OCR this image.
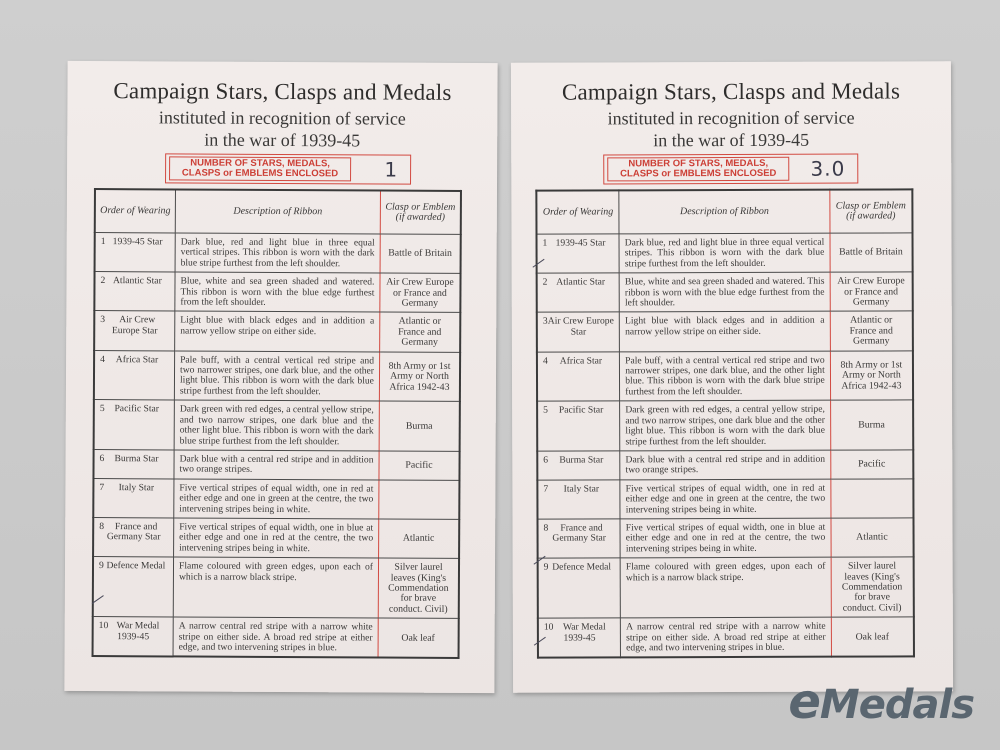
Campaign Stars, Clasps and Medals
instituted in recognition of service
in the war of 1939-45
NUMBER OF STARS, MEDALS,
CLASPS or EMBLEMS ENCLOSED	1
Order of Wearing	Description of Ribbon	Clasp or Emblem (if awarded)

1 1939-45 Star	Dark blue, red and light blue in three equal vertical stripes. This ribbon is worn with the dark blue stripe furthest from the left shoulder.	Battle of Britain

2 Atlantic Star	Blue, white and sea green shaded and watered. This ribbon is worn with the blue edge furthest from the left shoulder.	Air Crew Europe or France and Germany

3 Air Crew Europe Star	Light blue with black edges and in addition a narrow yellow stripe on either side.	Atlantic or France and Germany

4 Africa Star	Pale buff, with a central vertical red stripe and two narrower stripes, one dark blue, and the other light blue. This ribbon is worn with the dark blue stripe furthest from the left shoulder.	8th Army or 1st Army or North Africa 1942-43

5 Pacific Star	Dark green with red edges, a central yellow stripe, and two narrow stripes, one dark blue and the other light blue. This ribbon is worn with the dark blue stripe furthest from the left shoulder.	Burma

6 Burma Star	Dark blue with a central red stripe and in addition two orange stripes.	Pacific

7 Italy Star	Five vertical stripes of equal width, one in red at either edge and one in green at the centre, the two intervening stripes being in white.	

8 France and Germany Star	Five vertical stripes of equal width, one in blue at either edge and one in red at the centre, the two intervening stripes being in white.	Atlantic

9 Defence Medal	Flame coloured with green edges, upon each of which is a narrow black stripe.	Silver laurel leaves (King's Commendation for brave conduct. Civil)

10 War Medal 1939-45	A narrow central red stripe with a narrow white stripe on either side. A broad red stripe at either edge, and two intervening stripes in blue.	Oak leaf
Campaign Stars, Clasps and Medals
instituted in recognition of service
in the war of 1939-45
NUMBER OF STARS, MEDALS,
CLASPS or EMBLEMS ENCLOSED	3.0
Order of Wearing	Description of Ribbon	Clasp or Emblem (if awarded)

1 1939-45 Star	Dark blue, red and light blue in three equal vertical stripes. This ribbon is worn with the dark blue stripe furthest from the left shoulder.	Battle of Britain

2 Atlantic Star	Blue, white and sea green shaded and watered. This ribbon is worn with the blue edge furthest from the left shoulder.	Air Crew Europe or France and Germany

3 Air Crew Europe Star	Light blue with black edges and in addition a narrow yellow stripe on either side.	Atlantic or France and Germany

4 Africa Star	Pale buff, with a central vertical red stripe and two narrower stripes, one dark blue, and the other light blue. This ribbon is worn with the dark blue stripe furthest from the left shoulder.	8th Army or 1st Army or North Africa 1942-43

5 Pacific Star	Dark green with red edges, a central yellow stripe, and two narrow stripes, one dark blue and the other light blue. This ribbon is worn with the dark blue stripe furthest from the left shoulder.	Burma

6 Burma Star	Dark blue with a central red stripe and in addition two orange stripes.	Pacific

7 Italy Star	Five vertical stripes of equal width, one in red at either edge and one in green at the centre, the two intervening stripes being in white.	

8 France and Germany Star	Five vertical stripes of equal width, one in blue at either edge and one in red at the centre, the two intervening stripes being in white.	Atlantic

9 Defence Medal	Flame coloured with green edges, upon each of which is a narrow black stripe.	Silver laurel leaves (King's Commendation for brave conduct. Civil)

10 War Medal 1939-45	A narrow central red stripe with a narrow white stripe on either side. A broad red stripe at either edge, and two intervening stripes in blue.	Oak leaf
eMedals
